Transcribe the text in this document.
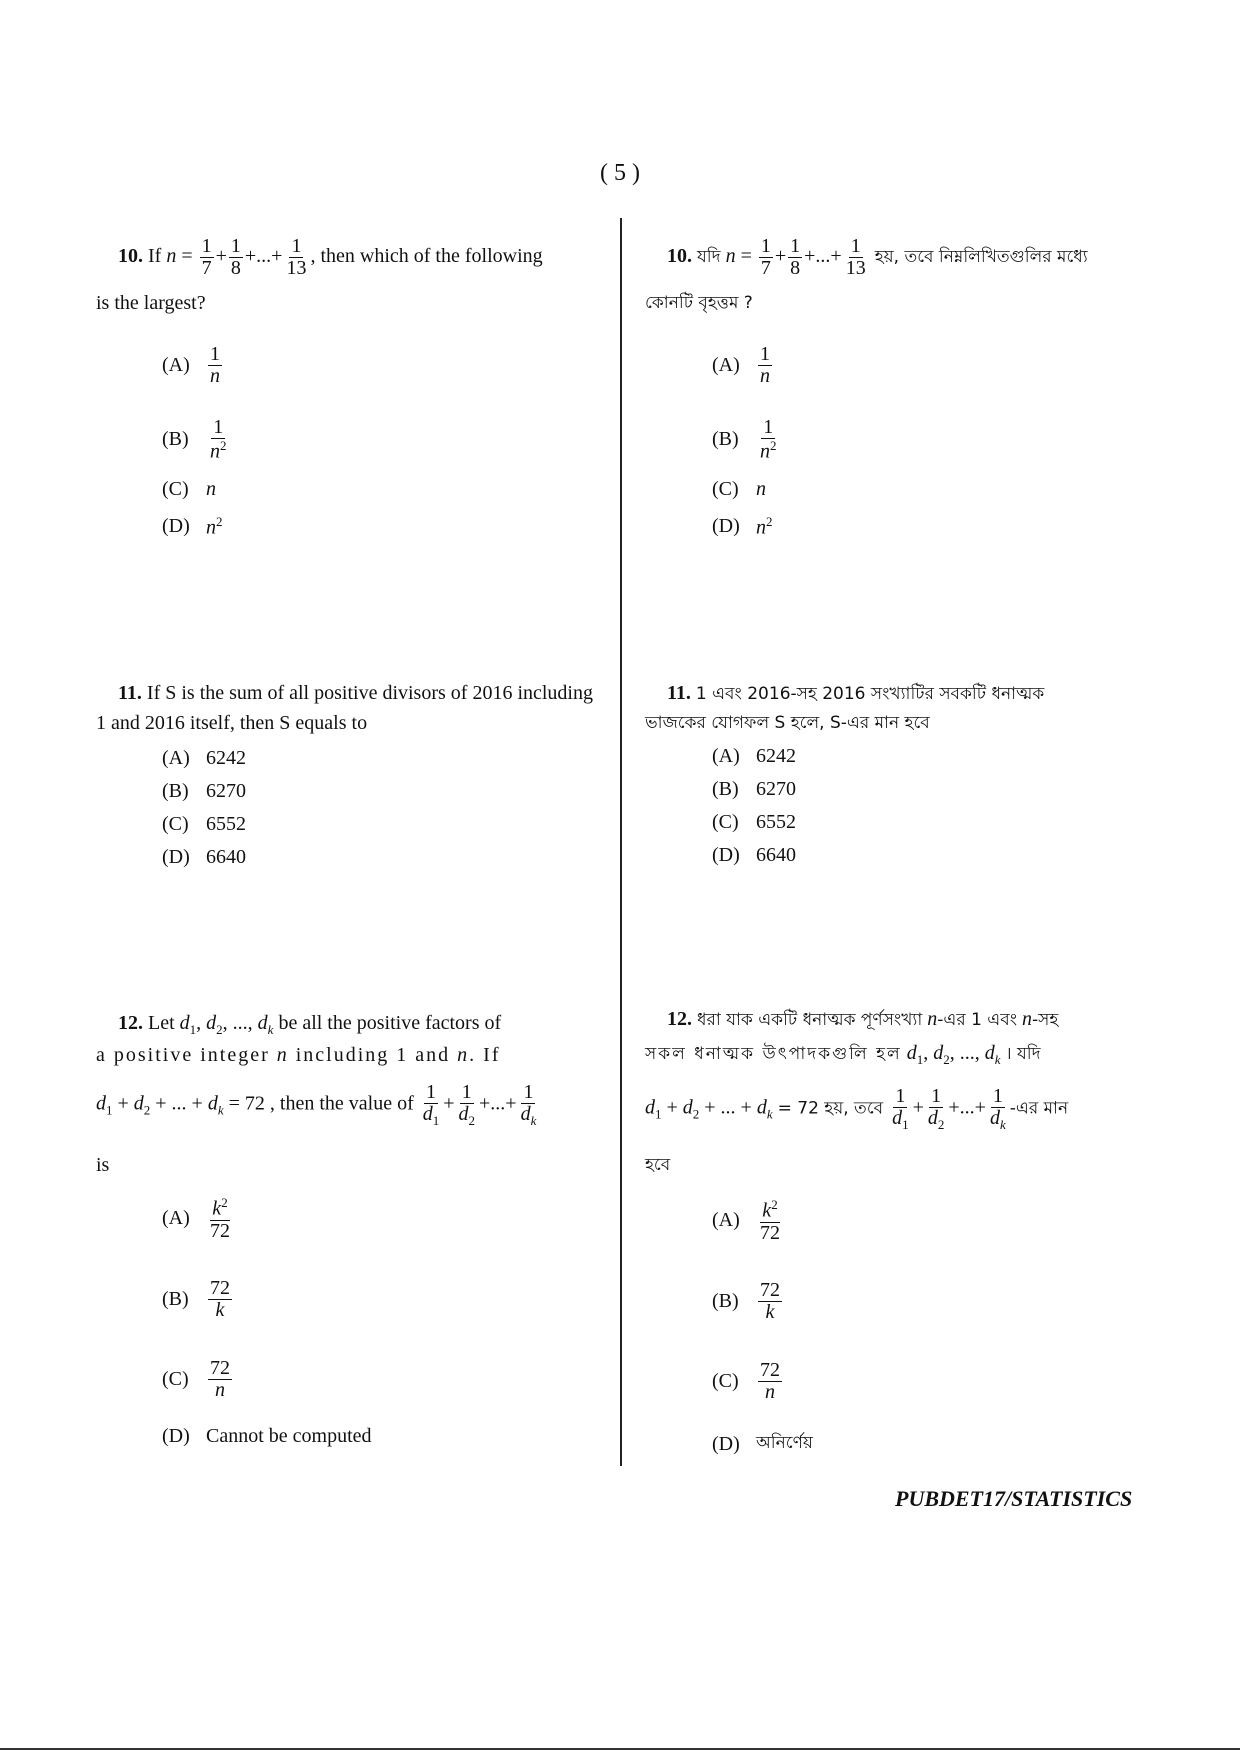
( 5 )
10. If $n = \frac{1}{7} + \frac{1}{8}$ +...+ $\frac{1}{13}$ , then which of the following
is the largest?
$(A) \frac{1}{n}$
$(B) \frac{1}{n^2}$
(C) n
(D) $n^2$
10. যদি $n = \frac{1}{7} + \frac{1}{8}$ +...+ $\frac{1}{13}$ হয়, তবে নিম্নলিখিতগুলির মধ্যে
কোনটি বৃহত্তম ?
$(A) \frac{1}{n}$
$(B) \frac{1}{n^2}$
(C) n
(D) $n^2$
11. If S is the sum of all positive divisors of 2016 including 1 and 2016 itself, then S equals to
(A) 6242
(B) 6270
(C) 6552
(D) 6640
11. 1 এবং 2016-সহ 2016 সংখ্যাটির সবকটি ধনাত্মক
ভাজকের যোগফল S হলে, S-এর মান হবে
(A) 6242
(B) 6270
(C) 6552
(D) 6640
12. Let $d_1$, $d_2$, ..., $d_k$ be all the positive factors of
a positive integer n including 1 and n. If
$d_1 + d_2$ + ... + $d_k = 72$ , then the value of $\frac{1}{d_1} + \frac{1}{d_2}$ +...+ $\frac{1}{d_k}$
is
$(A) \frac{k^2}{72}$
$(B) \frac{72}{k}$
$(C) \frac{72}{n}$
(D) Cannot be computed
12. ধরা যাক একটি ধনাত্মক পূর্ণসংখ্যা n-এর 1 এবং n-সহ
সকল ধনাত্মক উৎপাদকগুলি হল $d_1$, $d_2$, ..., $d_k$ । যদি
$d_1 + d_2$ + ... + $d_k = 72$ হয়, তবে $\frac{1}{d_1} + \frac{1}{d_2}$ +...+ $\frac{1}{d_k}$ -এর মান
হবে
$(A) \frac{k^2}{72}$
$(B) \frac{72}{k}$
$(C) \frac{72}{n}$
(D) অনির্ণেয়
PUBDET17/STATISTICS
